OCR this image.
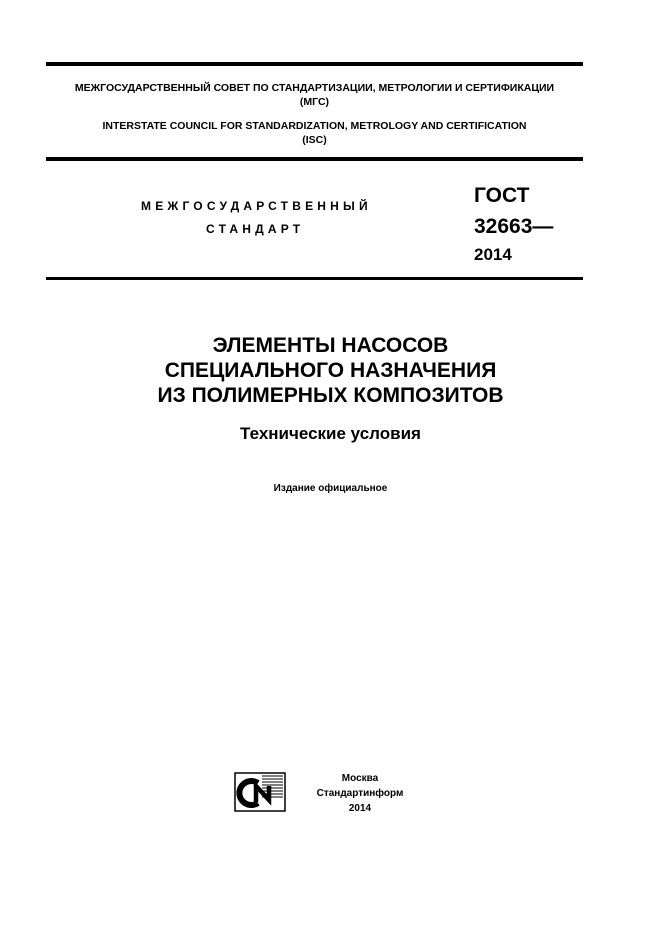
МЕЖГОСУДАРСТВЕННЫЙ СОВЕТ ПО СТАНДАРТИЗАЦИИ, МЕТРОЛОГИИ И СЕРТИФИКАЦИИ
(МГС)
INTERSTATE COUNCIL FOR STANDARDIZATION, METROLOGY AND CERTIFICATION
(ISC)
МЕЖГОСУДАРСТВЕННЫЙ
СТАНДАРТ
ГОСТ
32663—
2014
ЭЛЕМЕНТЫ НАСОСОВ
СПЕЦИАЛЬНОГО НАЗНАЧЕНИЯ
ИЗ ПОЛИМЕРНЫХ КОМПОЗИТОВ
Технические условия
Издание официальное
Москва
Стандартинформ
2014
